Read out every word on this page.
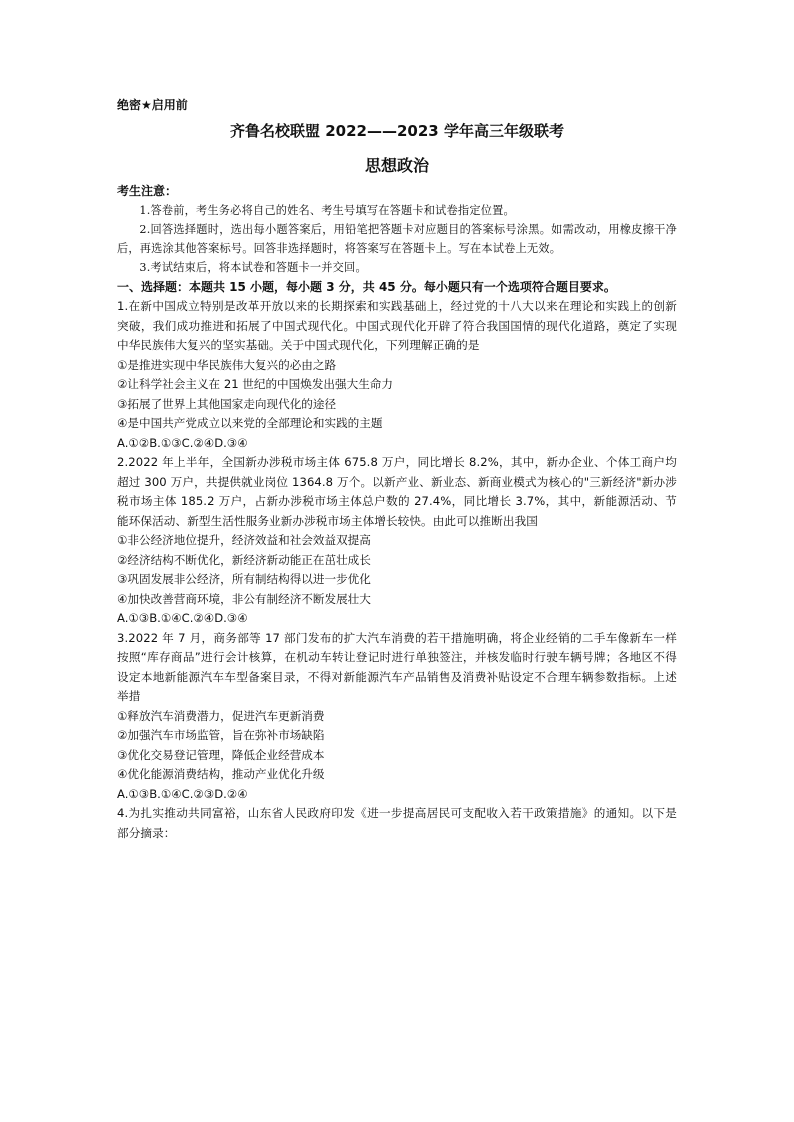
绝密★启用前
齐鲁名校联盟 2022——2023 学年高三年级联考
思想政治
考生注意：
1.答卷前，考生务必将自己的姓名、考生号填写在答题卡和试卷指定位置。
2.回答选择题时，选出每小题答案后，用铅笔把答题卡对应题目的答案标号涂黑。如需改动，用橡皮擦干净后，再选涂其他答案标号。回答非选择题时，将答案写在答题卡上。写在本试卷上无效。
3.考试结束后，将本试卷和答题卡一并交回。
一、选择题：本题共 15 小题，每小题 3 分，共 45 分。每小题只有一个选项符合题目要求。
1.在新中国成立特别是改革开放以来的长期探索和实践基础上，经过党的十八大以来在理论和实践上的创新突破，我们成功推进和拓展了中国式现代化。中国式现代化开辟了符合我国国情的现代化道路，奠定了实现中华民族伟大复兴的坚实基础。关于中国式现代化，下列理解正确的是
①是推进实现中华民族伟大复兴的必由之路
②让科学社会主义在 21 世纪的中国焕发出强大生命力
③拓展了世界上其他国家走向现代化的途径
④是中国共产党成立以来党的全部理论和实践的主题
A.①②B.①③C.②④D.③④
2.2022 年上半年，全国新办涉税市场主体 675.8 万户，同比增长 8.2%，其中，新办企业、个体工商户均超过 300 万户，共提供就业岗位 1364.8 万个。以新产业、新业态、新商业模式为核心的"三新经济"新办涉税市场主体 185.2 万户，占新办涉税市场主体总户数的 27.4%，同比增长 3.7%，其中，新能源活动、节能环保活动、新型生活性服务业新办涉税市场主体增长较快。由此可以推断出我国
①非公经济地位提升，经济效益和社会效益双提高
②经济结构不断优化，新经济新动能正在茁壮成长
③巩固发展非公经济，所有制结构得以进一步优化
④加快改善营商环境，非公有制经济不断发展壮大
A.①③B.①④C.②④D.③④
3.2022 年 7 月，商务部等 17 部门发布的扩大汽车消费的若干措施明确，将企业经销的二手车像新车一样按照“库存商品”进行会计核算，在机动车转让登记时进行单独签注，并核发临时行驶车辆号牌；各地区不得设定本地新能源汽车车型备案目录，不得对新能源汽车产品销售及消费补贴设定不合理车辆参数指标。上述举措
①释放汽车消费潜力，促进汽车更新消费
②加强汽车市场监管，旨在弥补市场缺陷
③优化交易登记管理，降低企业经营成本
④优化能源消费结构，推动产业优化升级
A.①③B.①④C.②③D.②④
4.为扎实推动共同富裕，山东省人民政府印发《进一步提高居民可支配收入若干政策措施》的通知。以下是部分摘录：
